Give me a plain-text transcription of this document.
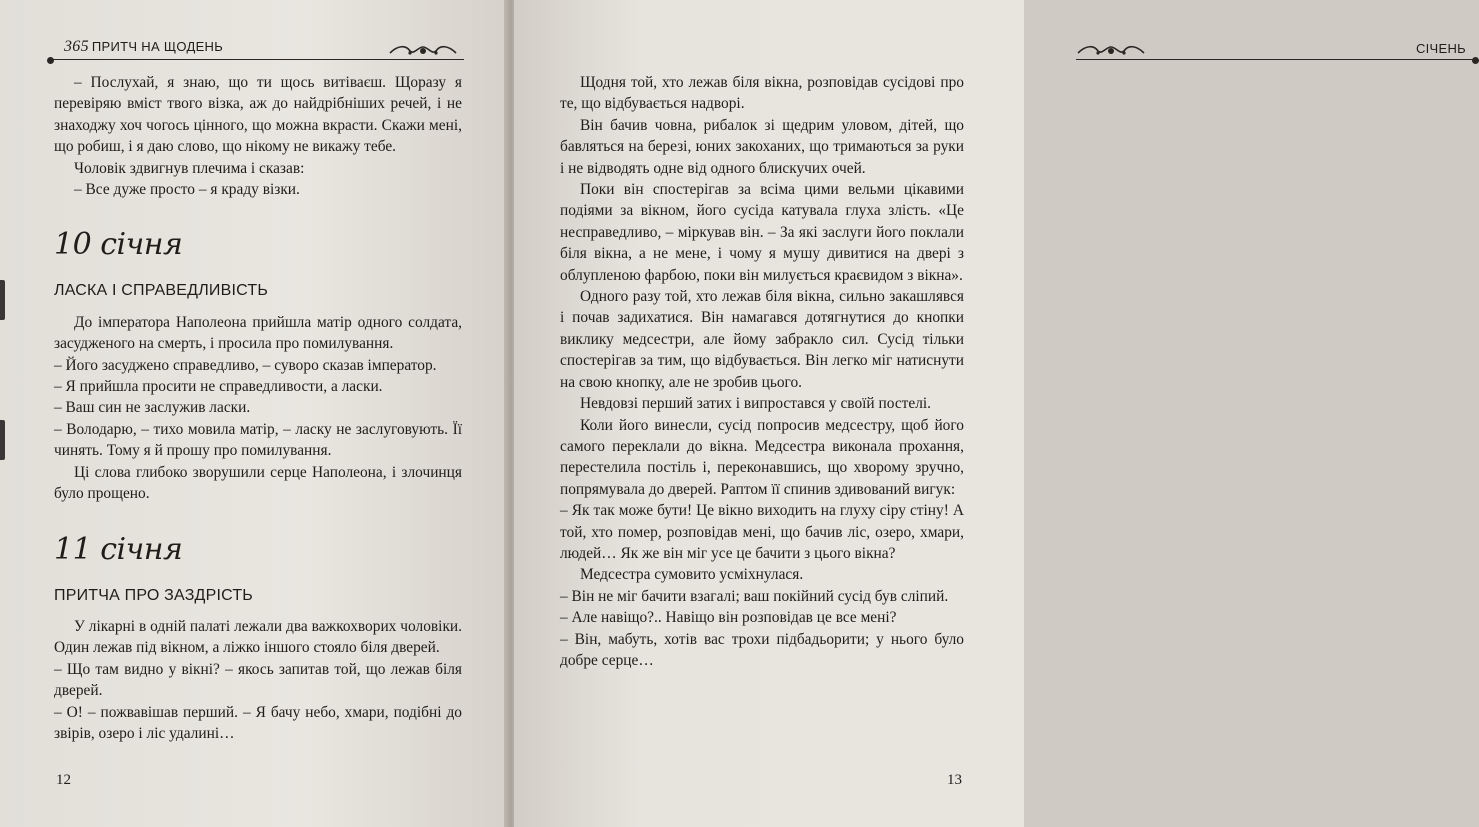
365 ПРИТЧ НА ЩОДЕНЬ

– Послухай, я знаю, що ти щось витіваєш. Щоразу я перевіряю вміст твого візка, аж до найдрібніших речей, і не знаходжу хоч чогось цінного, що можна вкрасти. Скажи мені, що робиш, і я даю слово, що нікому не викажу тебе.

Чоловік здвигнув плечима і сказав:

– Все дуже просто – я краду візки.

10 січня
ЛАСКА І СПРАВЕДЛИВІСТЬ

До імператора Наполеона прийшла матір одного солдата, засудженого на смерть, і просила про помилування.

– Його засуджено справедливо, – суворо сказав імператор.

– Я прийшла просити не справедливости, а ласки.

– Ваш син не заслужив ласки.

– Володарю, – тихо мовила матір, – ласку не заслуговують. Її чинять. Тому я й прошу про помилування.

Ці слова глибоко зворушили серце Наполеона, і злочинця було прощено.

11 січня
ПРИТЧА ПРО ЗАЗДРІСТЬ

У лікарні в одній палаті лежали два важкохворих чоловіки. Один лежав під вікном, а ліжко іншого стояло біля дверей.

– Що там видно у вікні? – якось запитав той, що лежав біля дверей.

– О! – пожвавішав перший. – Я бачу небо, хмари, подібні до звірів, озеро і ліс удалині…

12
СІЧЕНЬ

Щодня той, хто лежав біля вікна, розповідав сусідові про те, що відбувається надворі.

Він бачив човна, рибалок зі щедрим уловом, дітей, що бавляться на березі, юних закоханих, що тримаються за руки і не відводять одне від одного блискучих очей.

Поки він спостерігав за всіма цими вельми цікавими подіями за вікном, його сусіда катувала глуха злість. «Це несправедливо, – міркував він. – За які заслуги його поклали біля вікна, а не мене, і чому я мушу дивитися на двері з облупленою фарбою, поки він милується краєвидом з вікна».

Одного разу той, хто лежав біля вікна, сильно закашлявся і почав задихатися. Він намагався дотягнутися до кнопки виклику медсестри, але йому забракло сил. Сусід тільки спостерігав за тим, що відбувається. Він легко міг натиснути на свою кнопку, але не зробив цього.

Невдовзі перший затих і випростався у своїй постелі.

Коли його винесли, сусід попросив медсестру, щоб його самого переклали до вікна. Медсестра виконала прохання, перестелила постіль і, переконавшись, що хворому зручно, попрямувала до дверей. Раптом її спинив здивований вигук:

– Як так може бути! Це вікно виходить на глуху сіру стіну! А той, хто помер, розповідав мені, що бачив ліс, озеро, хмари, людей… Як же він міг усе це бачити з цього вікна?

Медсестра сумовито усміхнулася.

– Він не міг бачити взагалі; ваш покійний сусід був сліпий.

– Але навіщо?.. Навіщо він розповідав це все мені?

– Він, мабуть, хотів вас трохи підбадьорити; у нього було добре серце…

13
